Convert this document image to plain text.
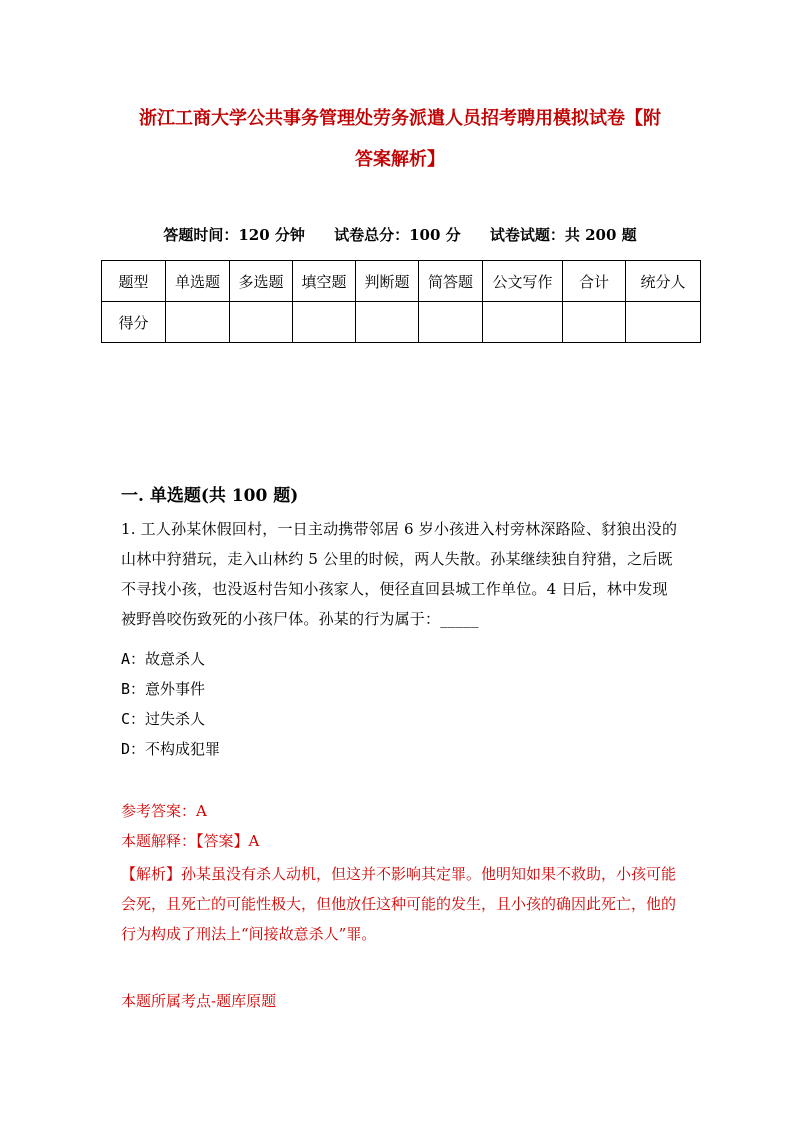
浙江工商大学公共事务管理处劳务派遣人员招考聘用模拟试卷【附
答案解析】
答题时间：120 分钟 试卷总分：100 分 试卷试题：共 200 题
题型	单选题	多选题	填空题	判断题	简答题	公文写作	合计	统分人
得分								
一. 单选题(共 100 题)
1. 工人孙某休假回村，一日主动携带邻居 6 岁小孩进入村旁林深路险、豺狼出没的山林中狩猎玩，走入山林约 5 公里的时候，两人失散。孙某继续独自狩猎，之后既不寻找小孩，也没返村告知小孩家人，便径直回县城工作单位。4 日后，林中发现被野兽咬伤致死的小孩尸体。孙某的行为属于：_____
A：故意杀人
B：意外事件
C：过失杀人
D：不构成犯罪
参考答案：A
本题解释：【答案】A
【解析】孙某虽没有杀人动机，但这并不影响其定罪。他明知如果不救助，小孩可能会死，且死亡的可能性极大，但他放任这种可能的发生，且小孩的确因此死亡，他的行为构成了刑法上“间接故意杀人”罪。
本题所属考点-题库原题
